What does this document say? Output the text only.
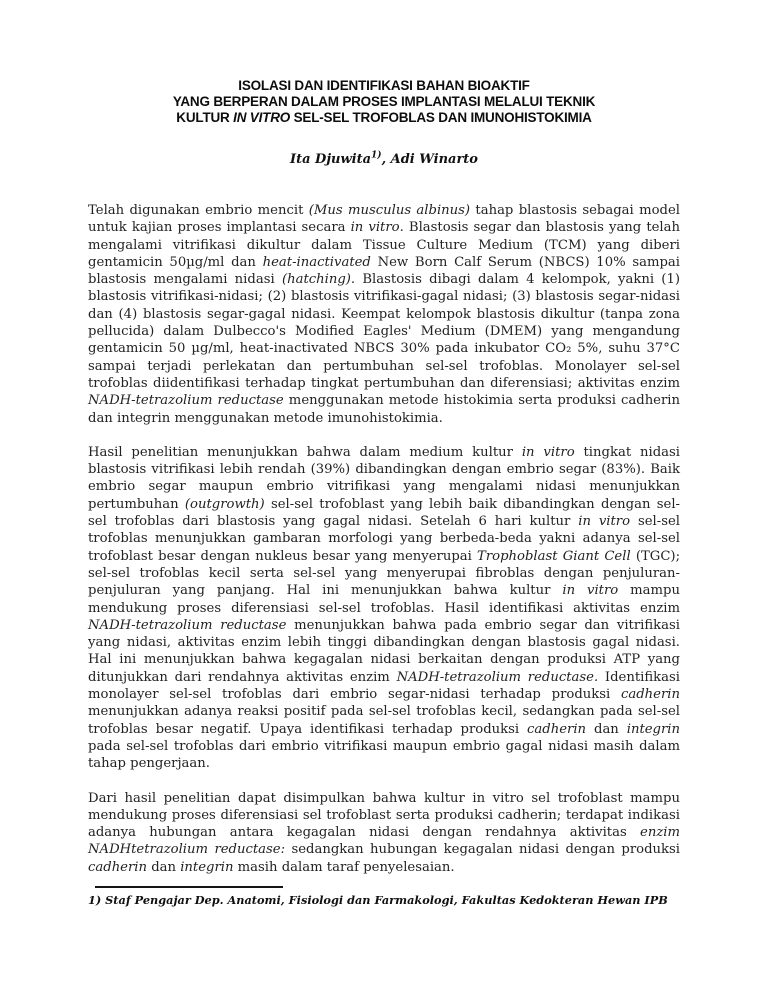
ISOLASI DAN IDENTIFIKASI BAHAN BIOAKTIF
YANG BERPERAN DALAM PROSES IMPLANTASI MELALUI TEKNIK
KULTUR IN VITRO SEL-SEL TROFOBLAS DAN IMUNOHISTOKIMIA
Ita Djuwita$^{1)}$, Adi Winarto

Telah digunakan embrio mencit (Mus musculus albinus) tahap blastosis sebagai model untuk kajian proses implantasi secara in vitro. Blastosis segar dan blastosis yang telah mengalami vitrifikasi dikultur dalam Tissue Culture Medium (TCM) yang diberi gentamicin 50µg/ml dan heat-inactivated New Born Calf Serum (NBCS) 10% sampai blastosis mengalami nidasi (hatching). Blastosis dibagi dalam 4 kelompok, yakni (1) blastosis vitrifikasi-nidasi; (2) blastosis vitrifikasi-gagal nidasi; (3) blastosis segar-nidasi dan (4) blastosis segar-gagal nidasi. Keempat kelompok blastosis dikultur (tanpa zona pellucida) dalam Dulbecco's Modified Eagles' Medium (DMEM) yang mengandung gentamicin 50 µg/ml, heat-inactivated NBCS 30% pada inkubator CO₂ 5%, suhu 37°C sampai terjadi perlekatan dan pertumbuhan sel-sel trofoblas. Monolayer sel-sel trofoblas diidentifikasi terhadap tingkat pertumbuhan dan diferensiasi; aktivitas enzim NADH-tetrazolium reductase menggunakan metode histokimia serta produksi cadherin dan integrin menggunakan metode imunohistokimia.

Hasil penelitian menunjukkan bahwa dalam medium kultur in vitro tingkat nidasi blastosis vitrifikasi lebih rendah (39%) dibandingkan dengan embrio segar (83%). Baik embrio segar maupun embrio vitrifikasi yang mengalami nidasi menunjukkan pertumbuhan (outgrowth) sel-sel trofoblast yang lebih baik dibandingkan dengan sel-sel trofoblas dari blastosis yang gagal nidasi. Setelah 6 hari kultur in vitro sel-sel trofoblas menunjukkan gambaran morfologi yang berbeda-beda yakni adanya sel-sel trofoblast besar dengan nukleus besar yang menyerupai Trophoblast Giant Cell (TGC); sel-sel trofoblas kecil serta sel-sel yang menyerupai fibroblas dengan penjuluran-penjuluran yang panjang. Hal ini menunjukkan bahwa kultur in vitro mampu mendukung proses diferensiasi sel-sel trofoblas. Hasil identifikasi aktivitas enzim NADH-tetrazolium reductase menunjukkan bahwa pada embrio segar dan vitrifikasi yang nidasi, aktivitas enzim lebih tinggi dibandingkan dengan blastosis gagal nidasi. Hal ini menunjukkan bahwa kegagalan nidasi berkaitan dengan produksi ATP yang ditunjukkan dari rendahnya aktivitas enzim NADH-tetrazolium reductase. Identifikasi monolayer sel-sel trofoblas dari embrio segar-nidasi terhadap produksi cadherin menunjukkan adanya reaksi positif pada sel-sel trofoblas kecil, sedangkan pada sel-sel trofoblas besar negatif. Upaya identifikasi terhadap produksi cadherin dan integrin pada sel-sel trofoblas dari embrio vitrifikasi maupun embrio gagal nidasi masih dalam tahap pengerjaan.

Dari hasil penelitian dapat disimpulkan bahwa kultur in vitro sel trofoblast mampu mendukung proses diferensiasi sel trofoblast serta produksi cadherin; terdapat indikasi adanya hubungan antara kegagalan nidasi dengan rendahnya aktivitas enzim NADHtetrazolium reductase: sedangkan hubungan kegagalan nidasi dengan produksi cadherin dan integrin masih dalam taraf penyelesaian.

1) Staf Pengajar Dep. Anatomi, Fisiologi dan Farmakologi, Fakultas Kedokteran Hewan IPB
